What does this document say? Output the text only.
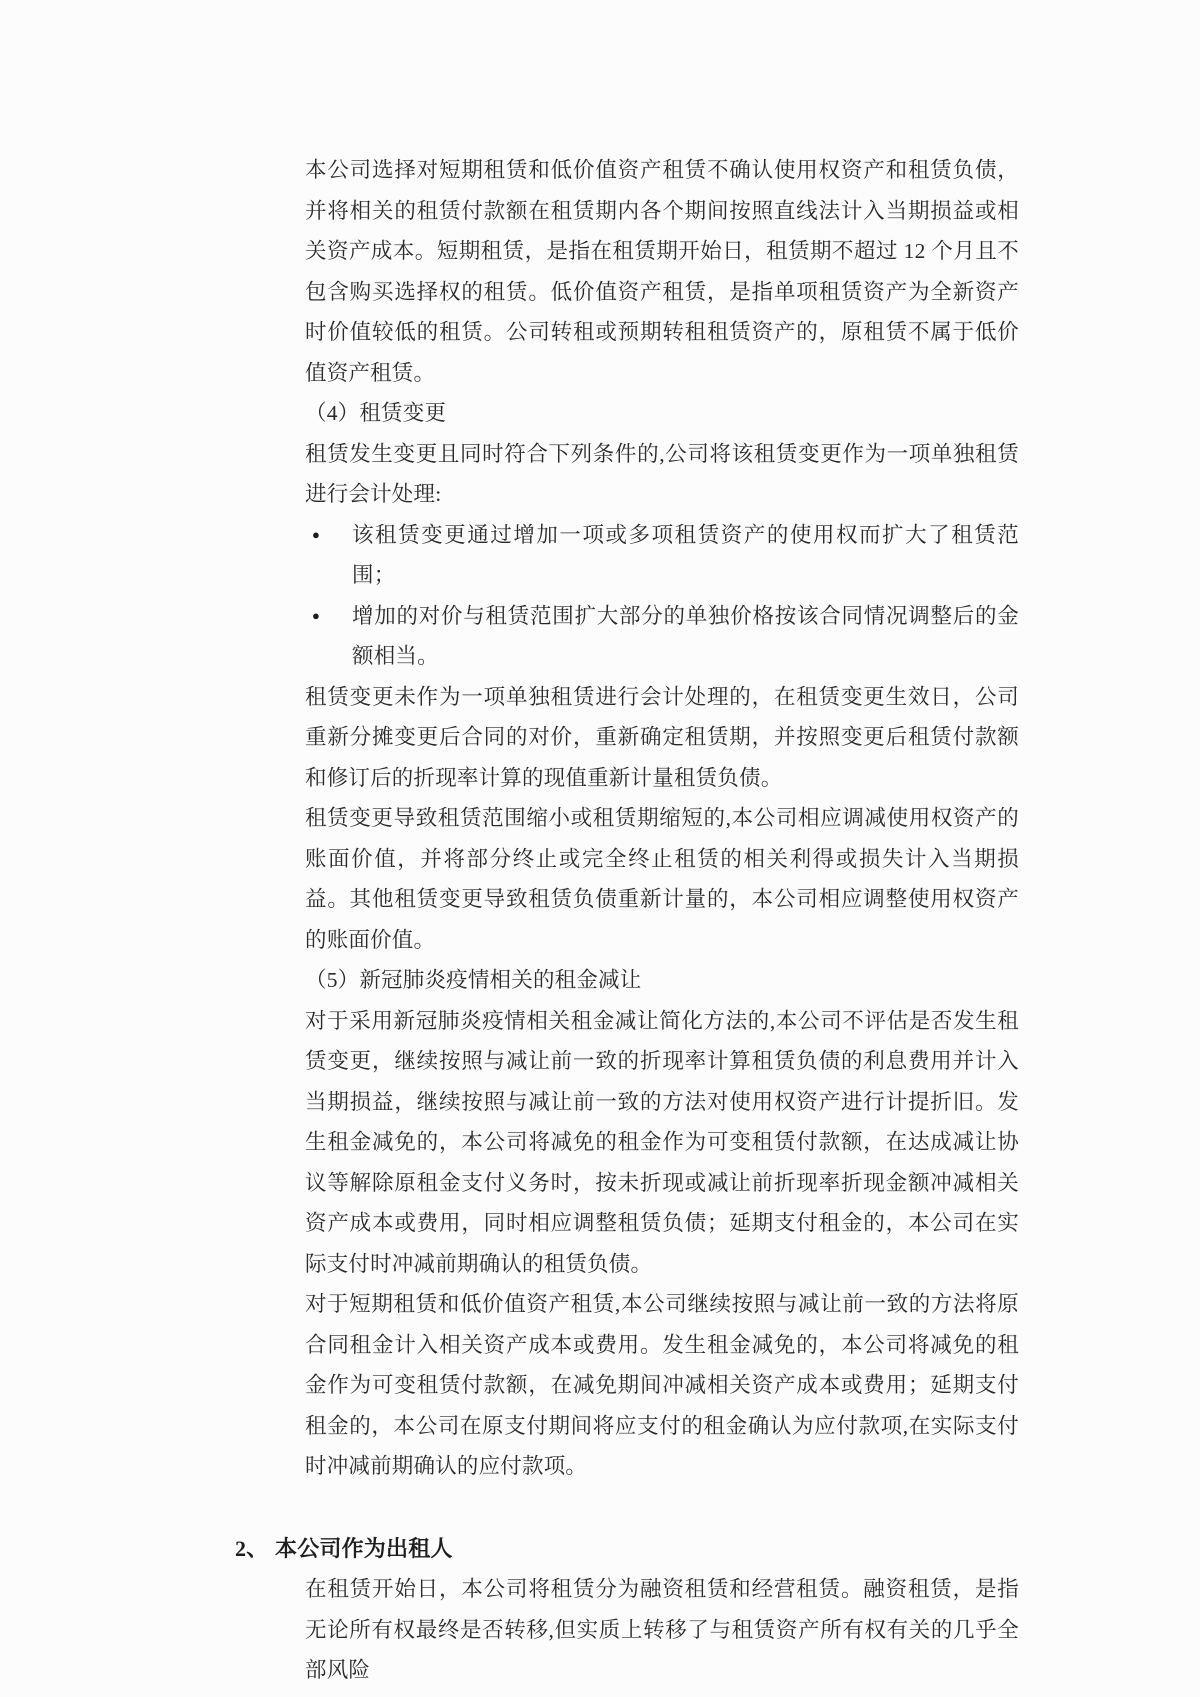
本公司选择对短期租赁和低价值资产租赁不确认使用权资产和租赁负债，并将相关的租赁付款额在租赁期内各个期间按照直线法计入当期损益或相关资产成本。短期租赁，是指在租赁期开始日，租赁期不超过 12 个月且不包含购买选择权的租赁。低价值资产租赁，是指单项租赁资产为全新资产时价值较低的租赁。公司转租或预期转租租赁资产的，原租赁不属于低价值资产租赁。

（4）租赁变更

租赁发生变更且同时符合下列条件的,公司将该租赁变更作为一项单独租赁进行会计处理:

●	该租赁变更通过增加一项或多项租赁资产的使用权而扩大了租赁范围；
●	增加的对价与租赁范围扩大部分的单独价格按该合同情况调整后的金额相当。

租赁变更未作为一项单独租赁进行会计处理的，在租赁变更生效日，公司重新分摊变更后合同的对价，重新确定租赁期，并按照变更后租赁付款额和修订后的折现率计算的现值重新计量租赁负债。

租赁变更导致租赁范围缩小或租赁期缩短的,本公司相应调减使用权资产的账面价值，并将部分终止或完全终止租赁的相关利得或损失计入当期损益。其他租赁变更导致租赁负债重新计量的，本公司相应调整使用权资产的账面价值。

（5）新冠肺炎疫情相关的租金减让

对于采用新冠肺炎疫情相关租金减让简化方法的,本公司不评估是否发生租赁变更，继续按照与减让前一致的折现率计算租赁负债的利息费用并计入当期损益，继续按照与减让前一致的方法对使用权资产进行计提折旧。发生租金减免的，本公司将减免的租金作为可变租赁付款额，在达成减让协议等解除原租金支付义务时，按未折现或减让前折现率折现金额冲减相关资产成本或费用，同时相应调整租赁负债；延期支付租金的，本公司在实际支付时冲减前期确认的租赁负债。

对于短期租赁和低价值资产租赁,本公司继续按照与减让前一致的方法将原合同租金计入相关资产成本或费用。发生租金减免的，本公司将减免的租金作为可变租赁付款额，在减免期间冲减相关资产成本或费用；延期支付租金的，本公司在原支付期间将应支付的租金确认为应付款项,在实际支付时冲减前期确认的应付款项。

2、 本公司作为出租人

在租赁开始日，本公司将租赁分为融资租赁和经营租赁。融资租赁，是指无论所有权最终是否转移,但实质上转移了与租赁资产所有权有关的几乎全部风险
